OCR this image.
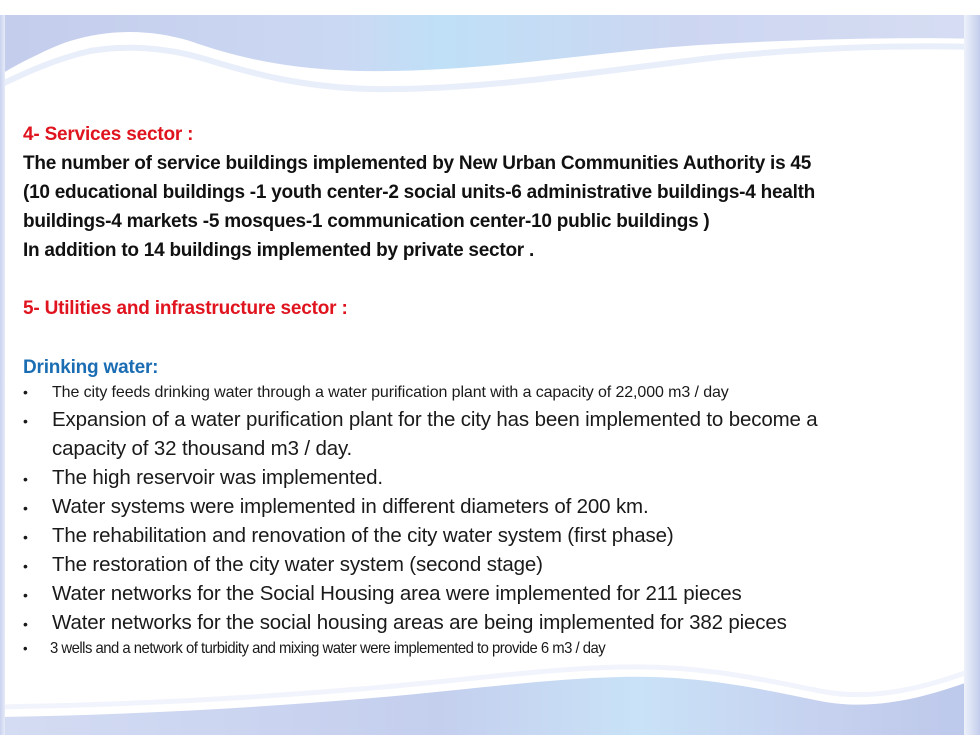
4- Services sector :
The number of service buildings implemented by New Urban Communities Authority is 45
(10 educational buildings -1 youth center-2 social units-6 administrative buildings-4 health
buildings-4 markets -5 mosques-1 communication center-10 public buildings )
In addition to 14 buildings implemented by private sector .
5- Utilities and infrastructure sector :
Drinking water:
•	The city feeds drinking water through a water purification plant with a capacity of 22,000 m3 / day
•	Expansion of a water purification plant for the city has been implemented to become a
capacity of 32 thousand m3 / day.
•	The high reservoir was implemented.
•	Water systems were implemented in different diameters of 200 km.
•	The rehabilitation and renovation of the city water system (first phase)
•	The restoration of the city water system (second stage)
•	Water networks for the Social Housing area were implemented for 211 pieces
•	Water networks for the social housing areas are being implemented for 382 pieces
•	3 wells and a network of turbidity and mixing water were implemented to provide 6 m3 / day
